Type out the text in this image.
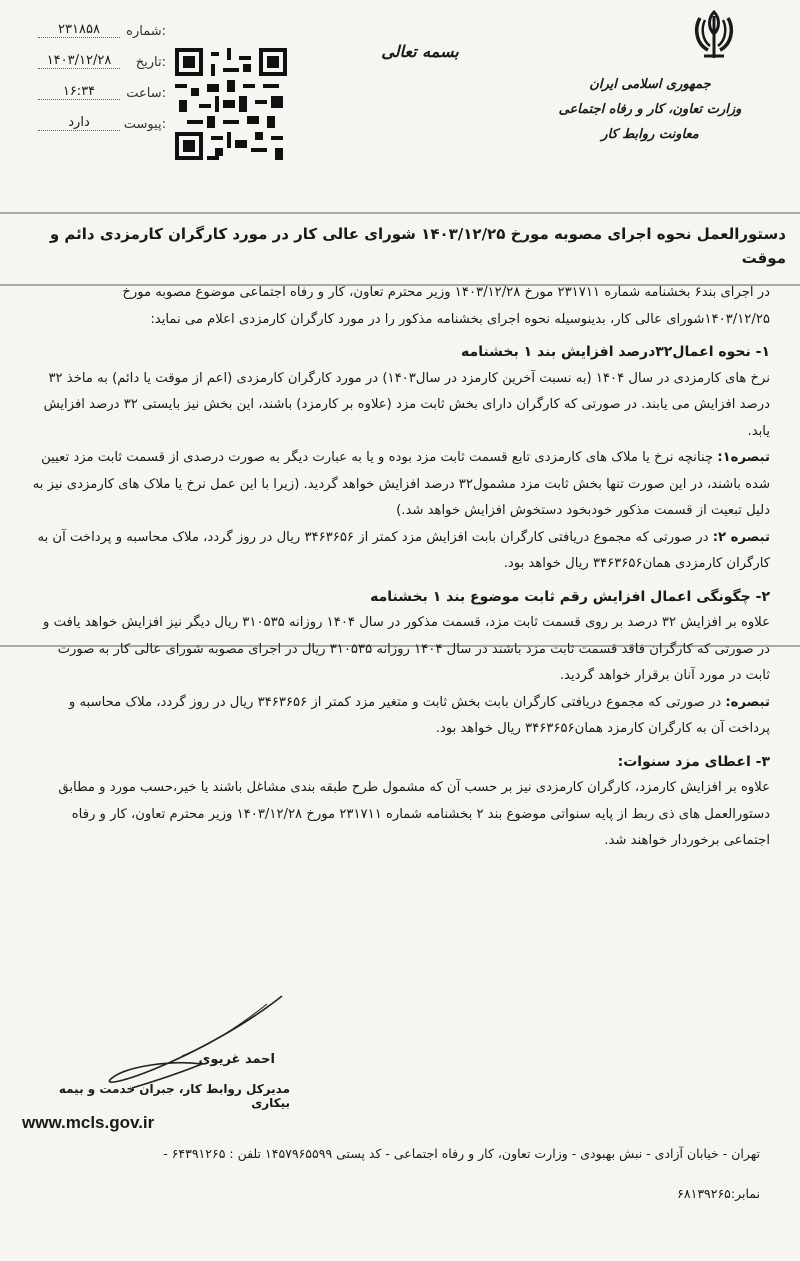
جمهوری اسلامی ایران
وزارت تعاون، کار و رفاه اجتماعی
معاونت روابط کار
بسمه تعالی
شماره:
۲۳۱۸۵۸
تاریخ:
۱۴۰۳/۱۲/۲۸
ساعت:
۱۶:۳۴
پیوست:
دارد
دستورالعمل نحوه اجرای مصوبه مورخ ۱۴۰۳/۱۲/۲۵ شورای عالی کار در مورد کارگران کارمزدی دائم و موقت

در اجرای بند۶ بخشنامه شماره ۲۳۱۷۱۱ مورخ ۱۴۰۳/۱۲/۲۸ وزیر محترم تعاون، کار و رفاه اجتماعی موضوع مصوبه مورخ ۱۴۰۳/۱۲/۲۵شورای عالی کار، بدینوسیله نحوه اجرای بخشنامه مذکور را در مورد کارگران کارمزدی اعلام می نماید:

۱- نحوه اعمال۳۲درصد افزایش بند ۱ بخشنامه

نرخ های کارمزدی در سال ۱۴۰۴ (به نسبت آخرین کارمزد در سال۱۴۰۳) در مورد کارگران کارمزدی (اعم از موقت یا دائم) به ماخذ ۳۲ درصد افزایش می یابند. در صورتی که کارگران دارای بخش ثابت مزد (علاوه بر کارمزد) باشند، این بخش نیز بایستی ۳۲ درصد افزایش یابد.

تبصره۱: چنانچه نرخ یا ملاک های کارمزدی تابع قسمت ثابت مزد بوده و یا به عبارت دیگر به صورت درصدی از قسمت ثابت مزد تعیین شده باشند، در این صورت تنها بخش ثابت مزد مشمول۳۲ درصد افزایش خواهد گردید. (زیرا با این عمل نرخ یا ملاک های کارمزدی نیز به دلیل تبعیت از قسمت مذکور خودبخود دستخوش افزایش خواهد شد.)

تبصره ۲: در صورتی که مجموع دریافتی کارگران بابت افزایش مزد کمتر از ۳۴۶۳۶۵۶ ریال در روز گردد، ملاک محاسبه و پرداخت آن به کارگران کارمزدی همان۳۴۶۳۶۵۶ ریال خواهد بود.

۲- چگونگی اعمال افزایش رقم ثابت موضوع بند ۱ بخشنامه

علاوه بر افزایش ۳۲ درصد بر روی قسمت ثابت مزد، قسمت مذکور در سال ۱۴۰۴ روزانه ۳۱۰۵۳۵ ریال دیگر نیز افزایش خواهد یافت و در صورتی که کارگران فاقد قسمت ثابت مزد باشند در سال ۱۴۰۴ روزانه ۳۱۰۵۳۵ ریال در اجرای مصوبه شورای عالی کار به صورت ثابت در مورد آنان برقرار خواهد گردید.

تبصره: در صورتی که مجموع دریافتی کارگران بابت بخش ثابت و متغیر مزد کمتر از ۳۴۶۳۶۵۶ ریال در روز گردد، ملاک محاسبه و پرداخت آن به کارگران کارمزد همان۳۴۶۳۶۵۶ ریال خواهد بود.

۳- اعطای مزد سنوات:

علاوه بر افزایش کارمزد، کارگران کارمزدی نیز بر حسب آن که مشمول طرح طبقه بندی مشاغل باشند یا خیر،حسب مورد و مطابق دستورالعمل های ذی ربط از پایه سنواتی موضوع بند ۲ بخشنامه شماره ۲۳۱۷۱۱ مورخ ۱۴۰۳/۱۲/۲۸ وزیر محترم تعاون، کار و رفاه اجتماعی برخوردار خواهند شد.

احمد غریوی
مدیرکل روابط کار، جبران خدمت و بیمه بیکاری
www.mcls.gov.ir
تهران - خیابان آزادی - نبش بهبودی - وزارت تعاون، کار و رفاه اجتماعی - کد پستی ۱۴۵۷۹۶۵۵۹۹ تلفن : ۶۴۳۹۱۲۶۵ -
نمابر:۶۸۱۳۹۲۶۵
